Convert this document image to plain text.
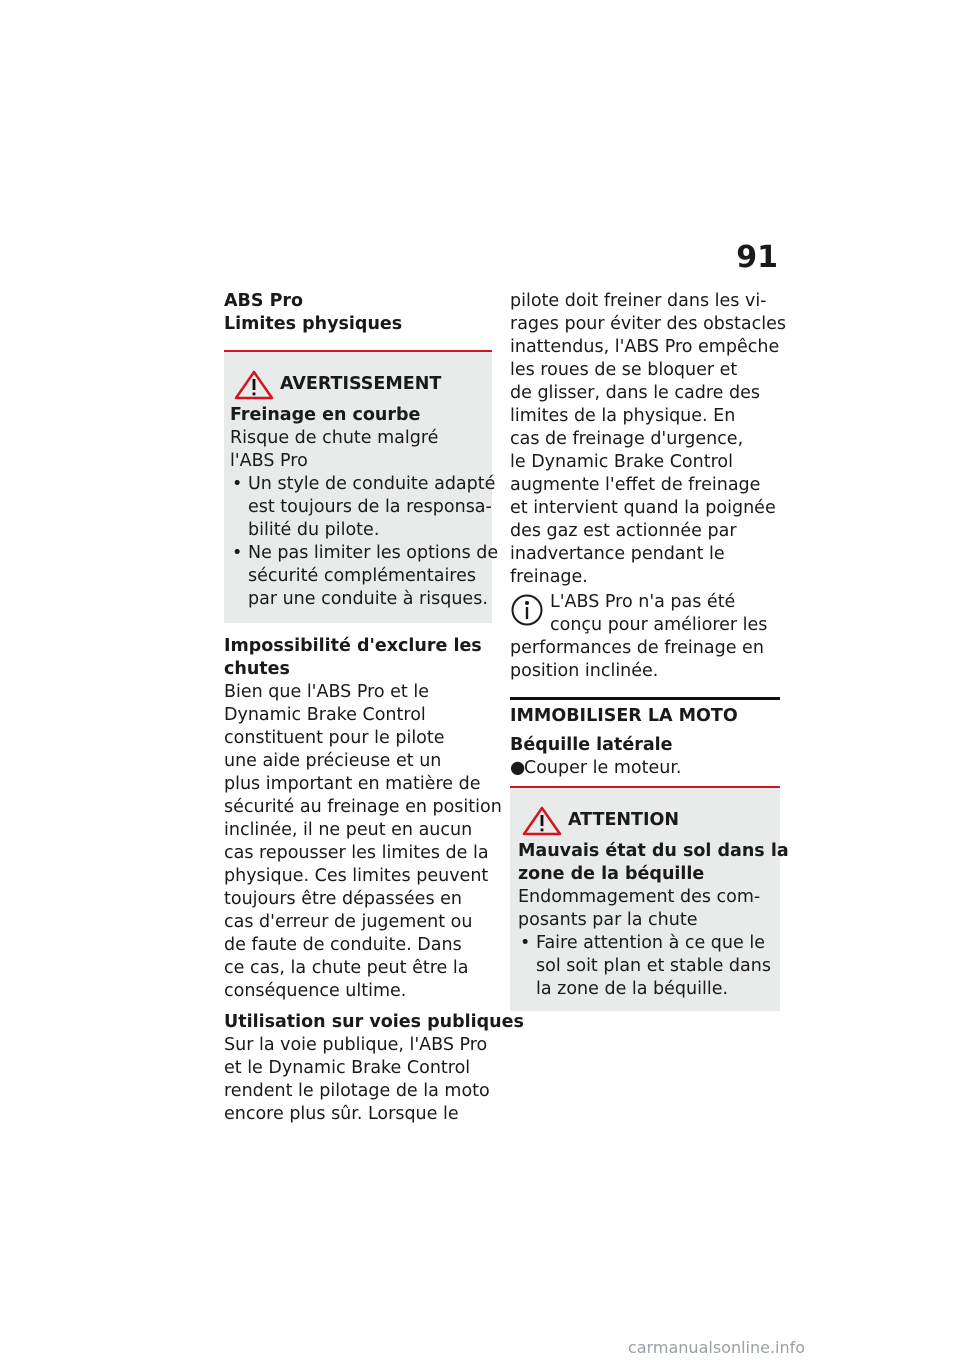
91
ABS Pro
Limites physiques
AVERTISSEMENT
Freinage en courbe
Risque de chute malgré
l'ABS Pro
• Un style de conduite adapté
est toujours de la responsa-
bilité du pilote.
• Ne pas limiter les options de
sécurité complémentaires
par une conduite à risques.
Impossibilité d'exclure les
chutes
Bien que l'ABS Pro et le
Dynamic Brake Control
constituent pour le pilote
une aide précieuse et un
plus important en matière de
sécurité au freinage en position
inclinée, il ne peut en aucun
cas repousser les limites de la
physique. Ces limites peuvent
toujours être dépassées en
cas d'erreur de jugement ou
de faute de conduite. Dans
ce cas, la chute peut être la
conséquence ultime.
Utilisation sur voies publiques
Sur la voie publique, l'ABS Pro
et le Dynamic Brake Control
rendent le pilotage de la moto
encore plus sûr. Lorsque le
pilote doit freiner dans les vi-
rages pour éviter des obstacles
inattendus, l'ABS Pro empêche
les roues de se bloquer et
de glisser, dans le cadre des
limites de la physique. En
cas de freinage d'urgence,
le Dynamic Brake Control
augmente l'effet de freinage
et intervient quand la poignée
des gaz est actionnée par
inadvertance pendant le
freinage.
L'ABS Pro n'a pas été
conçu pour améliorer les
performances de freinage en
position inclinée.
IMMOBILISER LA MOTO
Béquille latérale
●
Couper le moteur.
ATTENTION
Mauvais état du sol dans la
zone de la béquille
Endommagement des com-
posants par la chute
• Faire attention à ce que le
sol soit plan et stable dans
la zone de la béquille.
carmanualsonline.info
